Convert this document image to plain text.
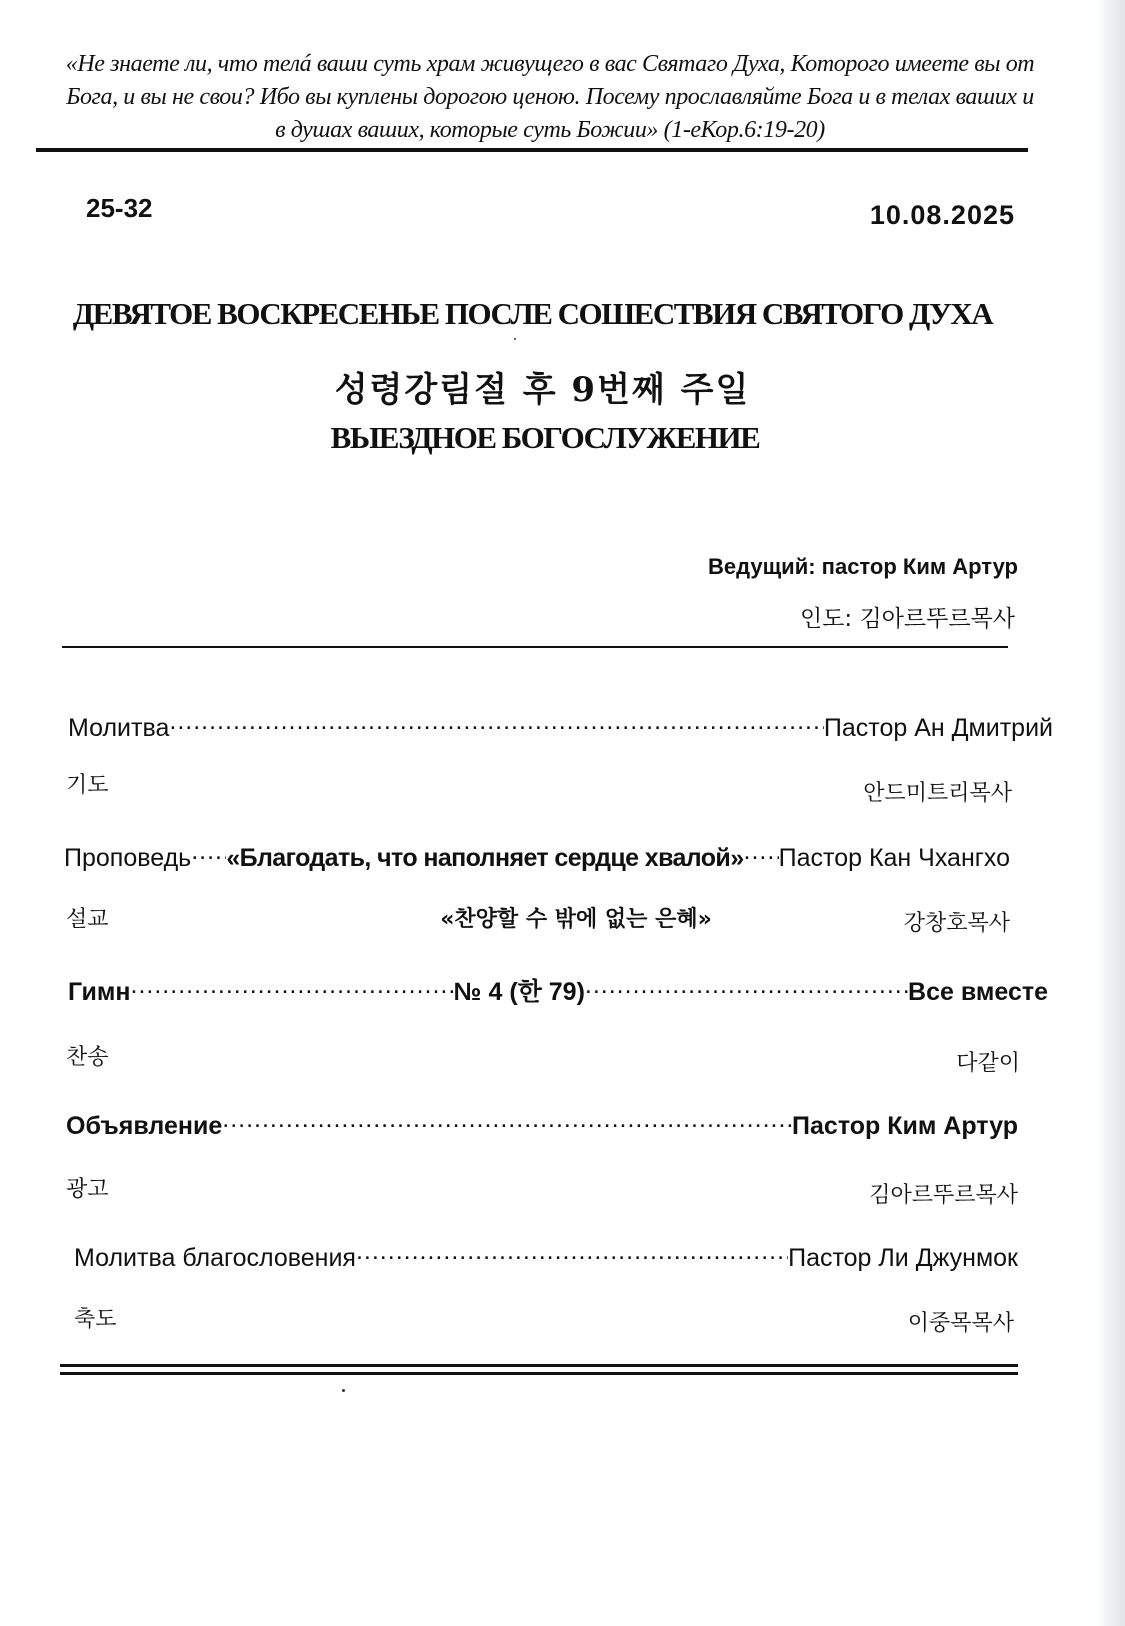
«Не знаете ли, что телá ваши суть храм живущего в вас Святаго Духа, Которого имеете вы от Бога, и вы не свои? Ибо вы куплены дорогою ценою. Посему прославляйте Бога и в телах ваших и в душах ваших, которые суть Божии» (1-еКор.6:19-20)
25-32	10.08.2025
ДЕВЯТОЕ ВОСКРЕСЕНЬЕ ПОСЛЕ СОШЕСТВИЯ СВЯТОГО ДУХА
성령강림절 후 9번째 주일
ВЫЕЗДНОЕ БОГОСЛУЖЕНИЕ
Ведущий: пастор Ким Артур
인도: 김아르뚜르목사
Молитва .....	Пастор Ан Дмитрий
기도	안드미트리목사
Проповедь ..... «Благодать, что наполняет сердце хвалой» ..... Пастор Кан Чхангхо
설교	«찬양할 수 밖에 없는 은혜»	강창호목사
Гимн .....	№ 4 (한 79) .....	Все вместе
찬송	다같이
Объявление .....	Пастор Ким Артур
광고	김아르뚜르목사
Молитва благословения .....	Пастор Ли Джунмок
축도	이중목목사
